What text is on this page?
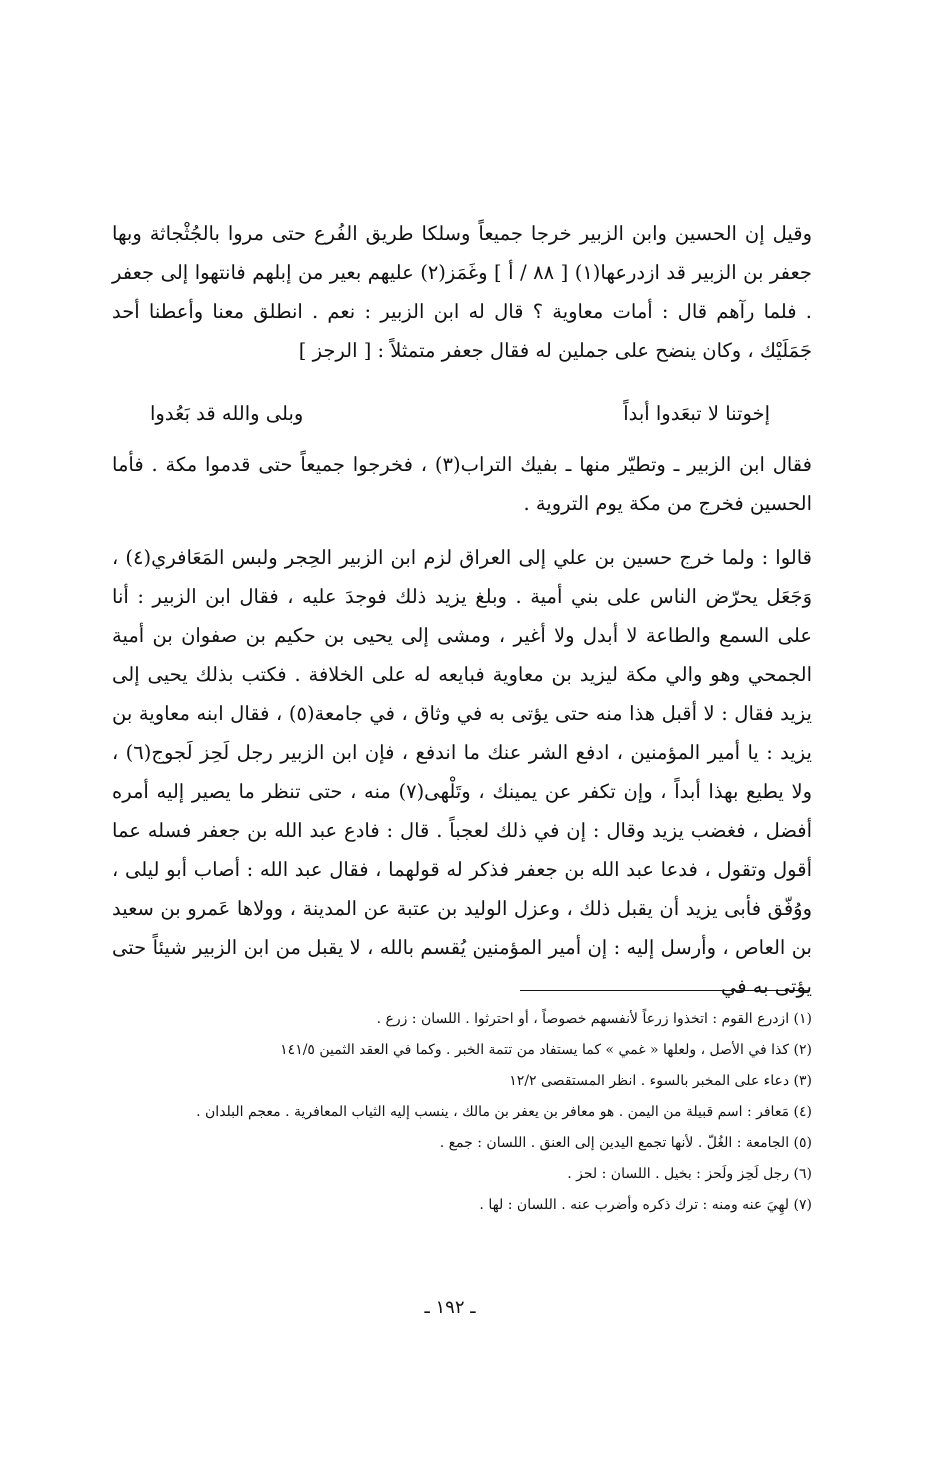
وقيل إن الحسين وابن الزبير خرجا جميعاً وسلكا طريق الفُرع حتى مروا بالجُثْجاثة وبها جعفر بن الزبير قد ازدرعها(١) [ ٨٨ / أ ] وغَمَز(٢) عليهم بعير من إبلهم فانتهوا إلى جعفر . فلما رآهم قال : أمات معاوية ؟ قال له ابن الزبير : نعم . انطلق معنا وأعطنا أحد جَمَلَيْك ، وكان ينضح على جملين له فقال جعفر متمثلاً : [ الرجز ]

إخوتنا لا تبعَدوا أبداً
وبلى والله قد بَعُدوا

فقال ابن الزبير ـ وتطيّر منها ـ بفيك التراب(٣) ، فخرجوا جميعاً حتى قدموا مكة . فأما الحسين فخرج من مكة يوم التروية .

قالوا : ولما خرج حسين بن علي إلى العراق لزم ابن الزبير الحِجر ولبس المَعَافري(٤) ، وَجَعَل يحرّض الناس على بني أمية . وبلغ يزيد ذلك فوجدَ عليه ، فقال ابن الزبير : أنا على السمع والطاعة لا أبدل ولا أغير ، ومشى إلى يحيى بن حكيم بن صفوان بن أمية الجمحي وهو والي مكة ليزيد بن معاوية فبايعه له على الخلافة . فكتب بذلك يحيى إلى يزيد فقال : لا أقبل هذا منه حتى يؤتى به في وثاق ، في جامعة(٥) ، فقال ابنه معاوية بن يزيد : يا أمير المؤمنين ، ادفع الشر عنك ما اندفع ، فإن ابن الزبير رجل لَحِز لَجوج(٦) ، ولا يطيع بهذا أبداً ، وإن تكفر عن يمينك ، وتَلْهى(٧) منه ، حتى تنظر ما يصير إليه أمره أفضل ، فغضب يزيد وقال : إن في ذلك لعجباً . قال : فادع عبد الله بن جعفر فسله عما أقول وتقول ، فدعا عبد الله بن جعفر فذكر له قولهما ، فقال عبد الله : أصاب أبو ليلى ، ووُفّق فأبى يزيد أن يقبل ذلك ، وعزل الوليد بن عتبة عن المدينة ، وولاها عَمرو بن سعيد بن العاص ، وأرسل إليه : إن أمير المؤمنين يُقسم بالله ، لا يقبل من ابن الزبير شيئاً حتى يؤتى به في

(١) ازدرع القوم : اتخذوا زرعاً لأنفسهم خصوصاً ، أو احترثوا . اللسان : زرع .
(٢) كذا في الأصل ، ولعلها « غمي » كما يستفاد من تتمة الخبر . وكما في العقد الثمين ١٤١/٥
(٣) دعاء على المخبر بالسوء . انظر المستقصى ١٢/٢
(٤) مَعافر : اسم قبيلة من اليمن . هو معافر بن يعفر بن مالك ، ينسب إليه الثياب المعافرية . معجم البلدان .
(٥) الجامعة : الغُلّ . لأنها تجمع اليدين إلى العنق . اللسان : جمع .
(٦) رجل لَحِز ولَحز : بخيل . اللسان : لحز .
(٧) لهِيَ عنه ومنه : ترك ذكره وأضرب عنه . اللسان : لها .
ـ ١٩٢ ـ
